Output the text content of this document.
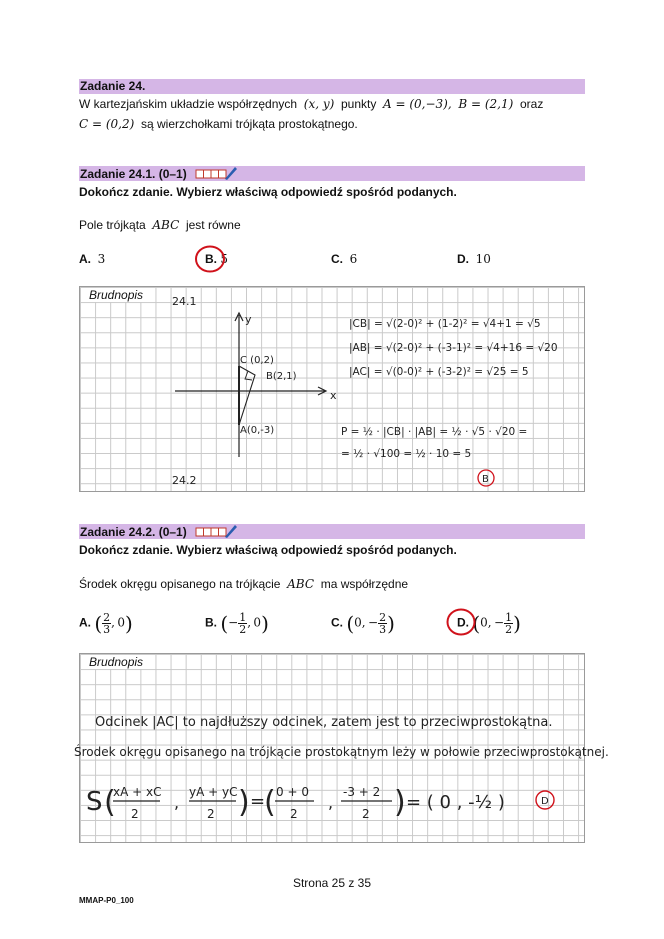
Zadanie 24.
W kartezjańskim układzie współrzędnych (x, y) punkty A = (0,−3), B = (2,1) oraz
C = (0,2) są wierzchołkami trójkąta prostokątnego.
Zadanie 24.1. (0–1)
Dokończ zdanie. Wybierz właściwą odpowiedź spośród podanych.
Pole trójkąta ABC jest równe
A. 3	B. 5	C. 6	D. 10
Brudnopis	24.1
y
x
C (0,2)
B(2,1)
A(0,-3)
|CB| = √(2-0)² + (1-2)² = √4+1 = √5
|AB| = √(2-0)² + (-3-1)² = √4+16 = √20
|AC| = √(0-0)² + (-3-2)² = √25 = 5
P = ½ · |CB| · |AB| = ½ · √5 · √20 =
= ½ · √100 = ½ · 10 = 5
B
24.2
Zadanie 24.2. (0–1)
Dokończ zdanie. Wybierz właściwą odpowiedź spośród podanych.
Środek okręgu opisanego na trójkącie ABC ma współrzędne
A. ( $\frac{2}{3}$ , 0)	B. (− $\frac{1}{2}$ , 0)	C. (0, − $\frac{2}{3}$ )	D. (0, − $\frac{1}{2}$ )
Brudnopis
Odcinek |AC| to najdłuższy odcinek, zatem jest to przeciwprostokątna.
Środek okręgu opisanego na trójkącie prostokątnym leży w połowie przeciwprostokątnej.
S (
xA + xC
2
,
yA + yC
2 ) =
( 0 + 0
2
,
-3 + 2
2 ) = ( 0 , -½ )	D
Strona 25 z 35
MMAP-P0_100
